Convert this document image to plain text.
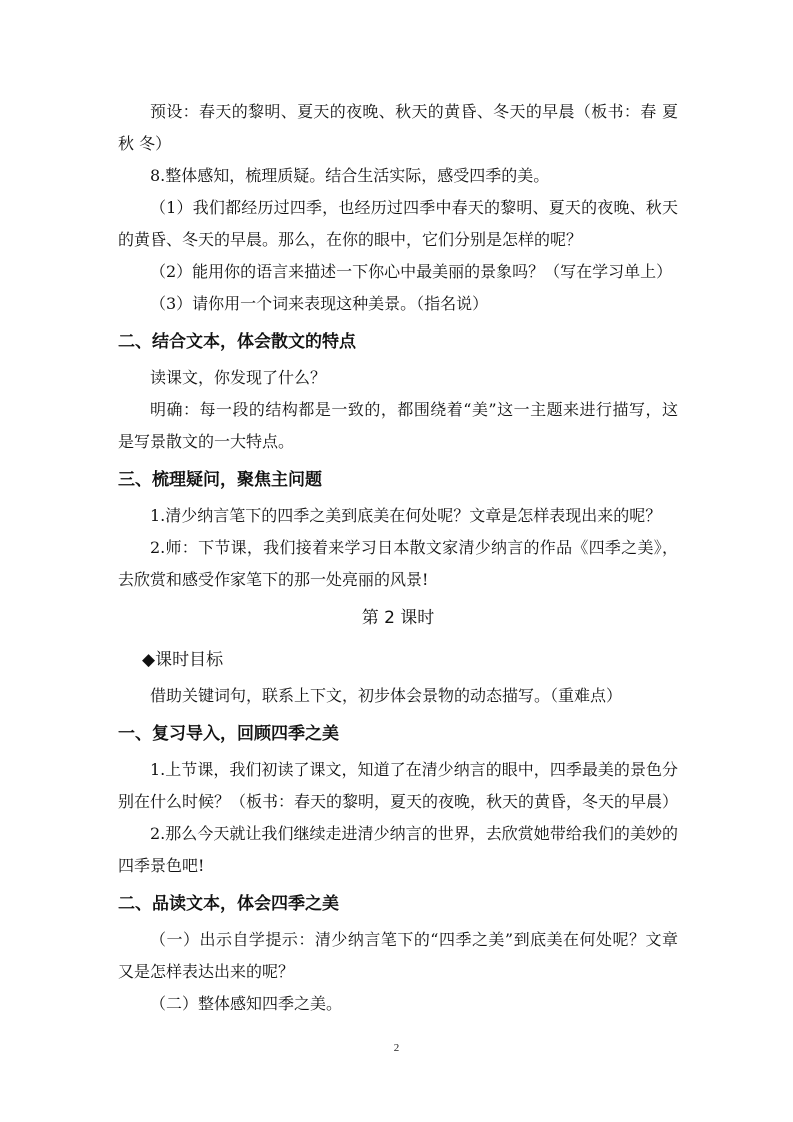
预设：春天的黎明、夏天的夜晚、秋天的黄昏、冬天的早晨（板书：春 夏 秋 冬）

8.整体感知，梳理质疑。结合生活实际，感受四季的美。

（1）我们都经历过四季，也经历过四季中春天的黎明、夏天的夜晚、秋天的黄昏、冬天的早晨。那么，在你的眼中，它们分别是怎样的呢？

（2）能用你的语言来描述一下你心中最美丽的景象吗？（写在学习单上）

（3）请你用一个词来表现这种美景。（指名说）

二、结合文本，体会散文的特点

读课文，你发现了什么？

明确：每一段的结构都是一致的，都围绕着“美”这一主题来进行描写，这是写景散文的一大特点。

三、梳理疑问，聚焦主问题

1.清少纳言笔下的四季之美到底美在何处呢？文章是怎样表现出来的呢？

2.师：下节课，我们接着来学习日本散文家清少纳言的作品《四季之美》，去欣赏和感受作家笔下的那一处亮丽的风景!

第 2 课时

◆课时目标

借助关键词句，联系上下文，初步体会景物的动态描写。（重难点）

一、复习导入，回顾四季之美

1.上节课，我们初读了课文，知道了在清少纳言的眼中，四季最美的景色分别在什么时候？（板书：春天的黎明，夏天的夜晚，秋天的黄昏，冬天的早晨）

2.那么今天就让我们继续走进清少纳言的世界，去欣赏她带给我们的美妙的四季景色吧!

二、品读文本，体会四季之美

（一）出示自学提示：清少纳言笔下的“四季之美”到底美在何处呢？文章又是怎样表达出来的呢？

（二）整体感知四季之美。

2
